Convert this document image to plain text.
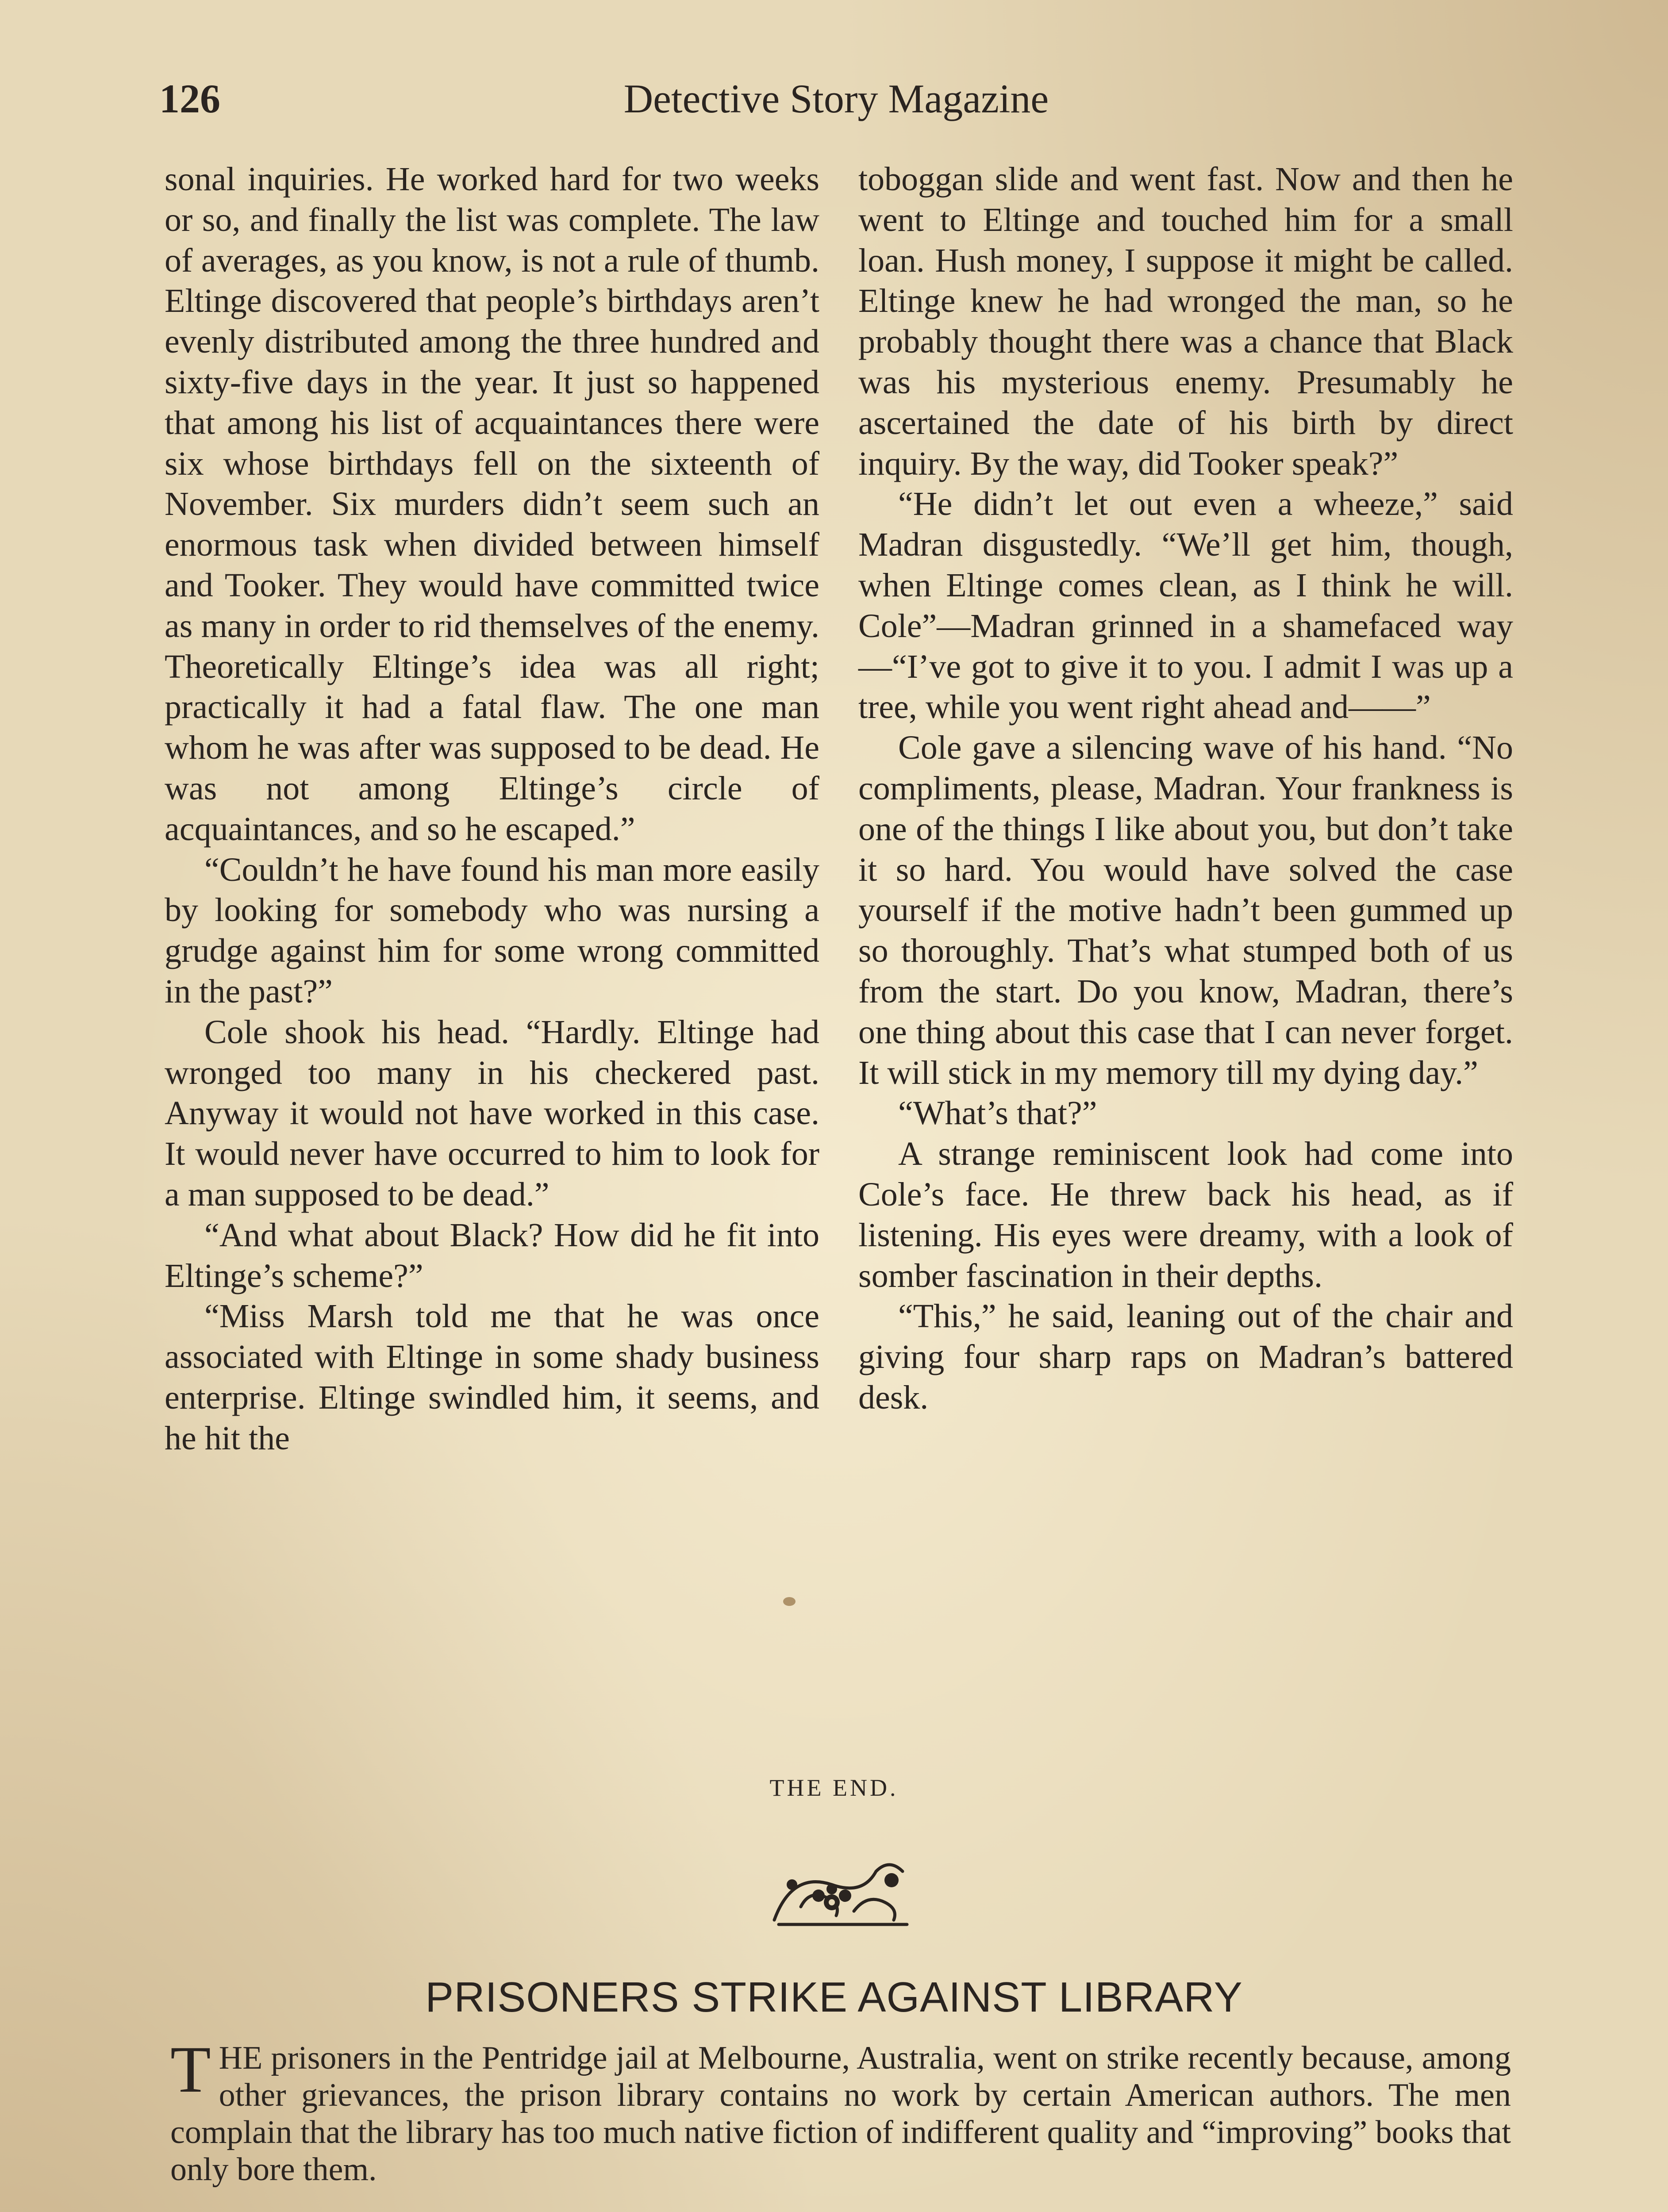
126	Detective Story Magazine

sonal inquiries. He worked hard for two weeks or so, and finally the list was complete. The law of averages, as you know, is not a rule of thumb. Eltinge discovered that people’s birthdays aren’t evenly distributed among the three hundred and sixty-five days in the year. It just so happened that among his list of acquaintances there were six whose birthdays fell on the sixteenth of November. Six murders didn’t seem such an enormous task when divided between himself and Tooker. They would have committed twice as many in order to rid themselves of the enemy. Theoretically Eltinge’s idea was all right; practically it had a fatal flaw. The one man whom he was after was supposed to be dead. He was not among Eltinge’s circle of acquaintances, and so he escaped.”

“Couldn’t he have found his man more easily by looking for somebody who was nursing a grudge against him for some wrong committed in the past?”

Cole shook his head. “Hardly. Eltinge had wronged too many in his checkered past. Anyway it would not have worked in this case. It would never have occurred to him to look for a man supposed to be dead.”

“And what about Black? How did he fit into Eltinge’s scheme?”

“Miss Marsh told me that he was once associated with Eltinge in some shady business enterprise. Eltinge swindled him, it seems, and he hit the

toboggan slide and went fast. Now and then he went to Eltinge and touched him for a small loan. Hush money, I suppose it might be called. Eltinge knew he had wronged the man, so he probably thought there was a chance that Black was his mysterious enemy. Presumably he ascertained the date of his birth by direct inquiry. By the way, did Tooker speak?”

“He didn’t let out even a wheeze,” said Madran disgustedly. “We’ll get him, though, when Eltinge comes clean, as I think he will. Cole”—Madran grinned in a shamefaced way—“I’ve got to give it to you. I admit I was up a tree, while you went right ahead and——”

Cole gave a silencing wave of his hand. “No compliments, please, Madran. Your frankness is one of the things I like about you, but don’t take it so hard. You would have solved the case yourself if the motive hadn’t been gummed up so thoroughly. That’s what stumped both of us from the start. Do you know, Madran, there’s one thing about this case that I can never forget. It will stick in my memory till my dying day.”

“What’s that?”

A strange reminiscent look had come into Cole’s face. He threw back his head, as if listening. His eyes were dreamy, with a look of somber fascination in their depths.

“This,” he said, leaning out of the chair and giving four sharp raps on Madran’s battered desk.

THE END.
PRISONERS STRIKE AGAINST LIBRARY

THE prisoners in the Pentridge jail at Melbourne, Australia, went on strike recently because, among other grievances, the prison library contains no work by certain American authors. The men complain that the library has too much native fiction of indifferent quality and “improving” books that only bore them.
